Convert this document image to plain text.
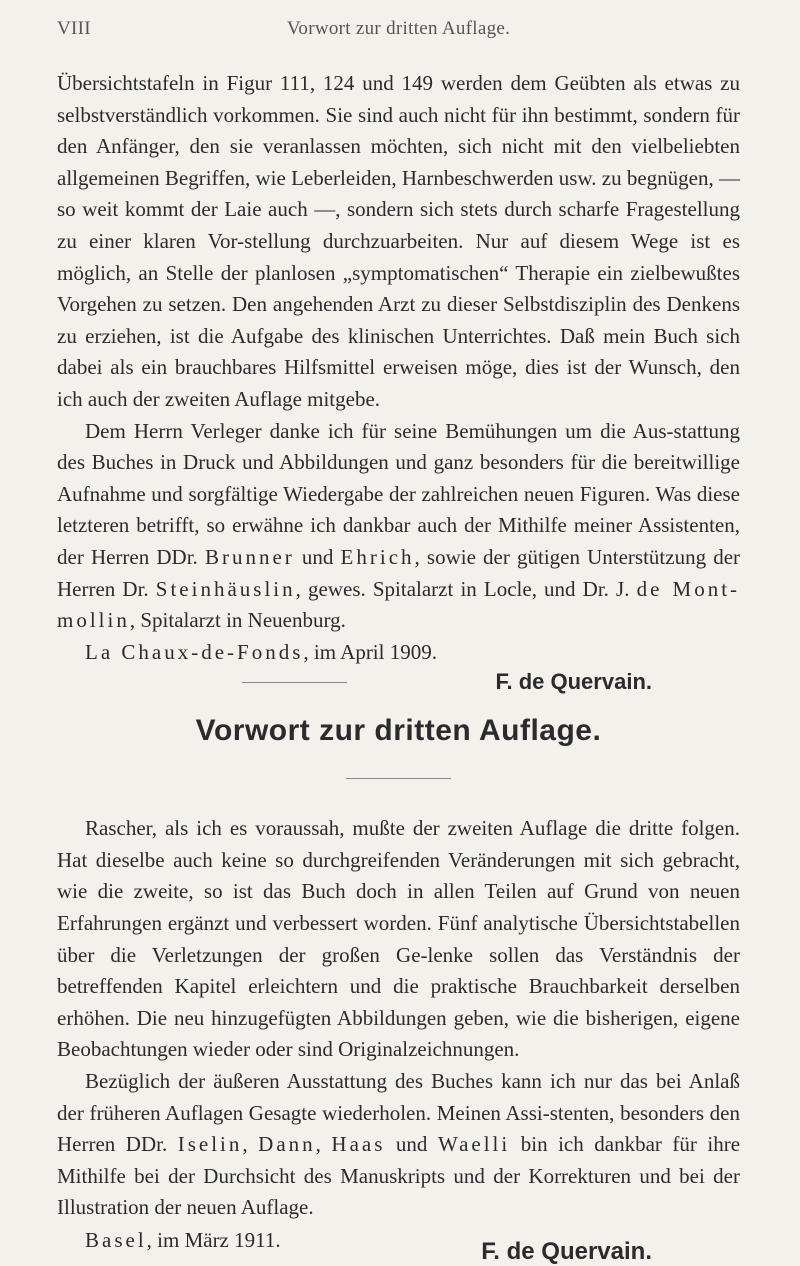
VIII	Vorwort zur dritten Auflage.

Übersichtstafeln in Figur 111, 124 und 149 werden dem Geübten als etwas zu selbstverständlich vorkommen. Sie sind auch nicht für ihn bestimmt, sondern für den Anfänger, den sie veranlassen möchten, sich nicht mit den vielbeliebten allgemeinen Begriffen, wie Leberleiden, Harnbeschwerden usw. zu begnügen, — so weit kommt der Laie auch —, sondern sich stets durch scharfe Fragestellung zu einer klaren Vor-stellung durchzuarbeiten. Nur auf diesem Wege ist es möglich, an Stelle der planlosen „symptomatischen“ Therapie ein zielbewußtes Vorgehen zu setzen. Den angehenden Arzt zu dieser Selbstdisziplin des Denkens zu erziehen, ist die Aufgabe des klinischen Unterrichtes. Daß mein Buch sich dabei als ein brauchbares Hilfsmittel erweisen möge, dies ist der Wunsch, den ich auch der zweiten Auflage mitgebe.

Dem Herrn Verleger danke ich für seine Bemühungen um die Aus-stattung des Buches in Druck und Abbildungen und ganz besonders für die bereitwillige Aufnahme und sorgfältige Wiedergabe der zahlreichen neuen Figuren. Was diese letzteren betrifft, so erwähne ich dankbar auch der Mithilfe meiner Assistenten, der Herren DDr. Brunner und Ehrich, sowie der gütigen Unterstützung der Herren Dr. Steinhäuslin, gewes. Spitalarzt in Locle, und Dr. J. de Mont-mollin, Spitalarzt in Neuenburg.

La Chaux-de-Fonds, im April 1909.
F. de Quervain.
Vorwort zur dritten Auflage.

Rascher, als ich es voraussah, mußte der zweiten Auflage die dritte folgen. Hat dieselbe auch keine so durchgreifenden Veränderungen mit sich gebracht, wie die zweite, so ist das Buch doch in allen Teilen auf Grund von neuen Erfahrungen ergänzt und verbessert worden. Fünf analytische Übersichtstabellen über die Verletzungen der großen Ge-lenke sollen das Verständnis der betreffenden Kapitel erleichtern und die praktische Brauchbarkeit derselben erhöhen. Die neu hinzugefügten Abbildungen geben, wie die bisherigen, eigene Beobachtungen wieder oder sind Originalzeichnungen.

Bezüglich der äußeren Ausstattung des Buches kann ich nur das bei Anlaß der früheren Auflagen Gesagte wiederholen. Meinen Assi-stenten, besonders den Herren DDr. Iselin, Dann, Haas und Waelli bin ich dankbar für ihre Mithilfe bei der Durchsicht des Manuskripts und der Korrekturen und bei der Illustration der neuen Auflage.

Basel, im März 1911.	F. de Quervain.
